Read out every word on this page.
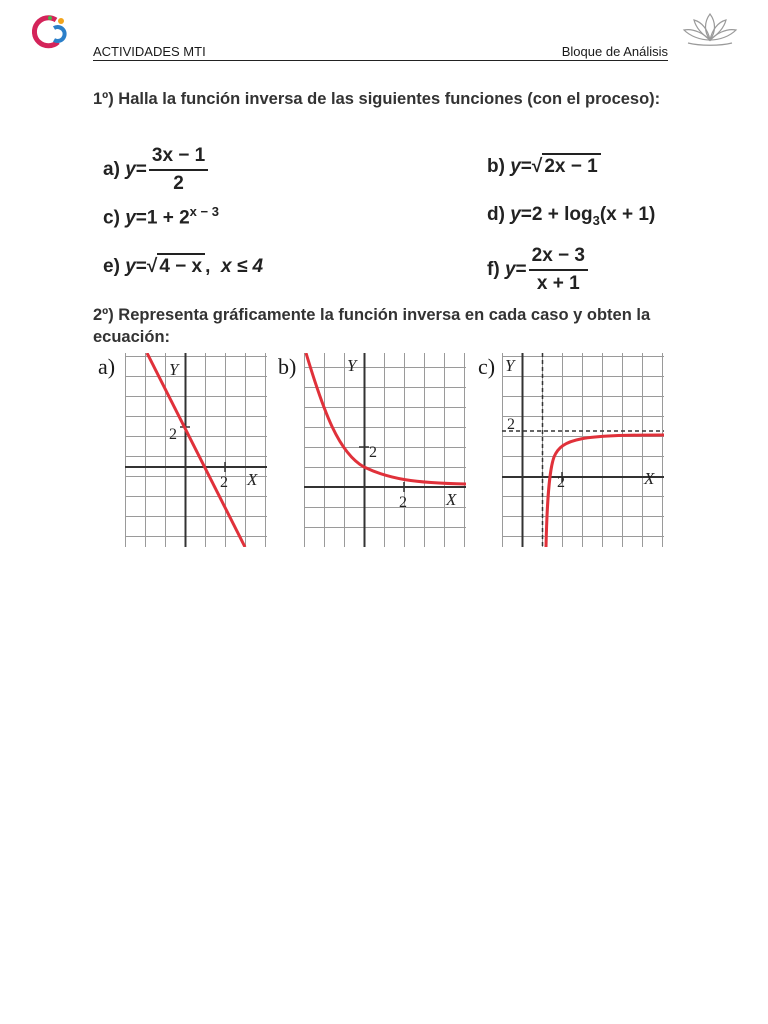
ACTIVIDADES MTI	Bloque de Análisis
1º) Halla la función inversa de las siguientes funciones (con el proceso):
a) $y= \frac{3x - 1}{2}$	b) y=√ 2x − 1
c) $y=1 + 2^{x - 3}$	d) $y=2 + \log_3(x + 1)$
e) y=√ 4 − x ,  x ≤ 4	f) $y= \frac{2x - 3}{x + 1}$
2º) Representa gráficamente la función inversa en cada caso y obten la ecuación:
a)	b)	c)
Y
X
2
2
Y
X
2
2
Y
X
2
2
